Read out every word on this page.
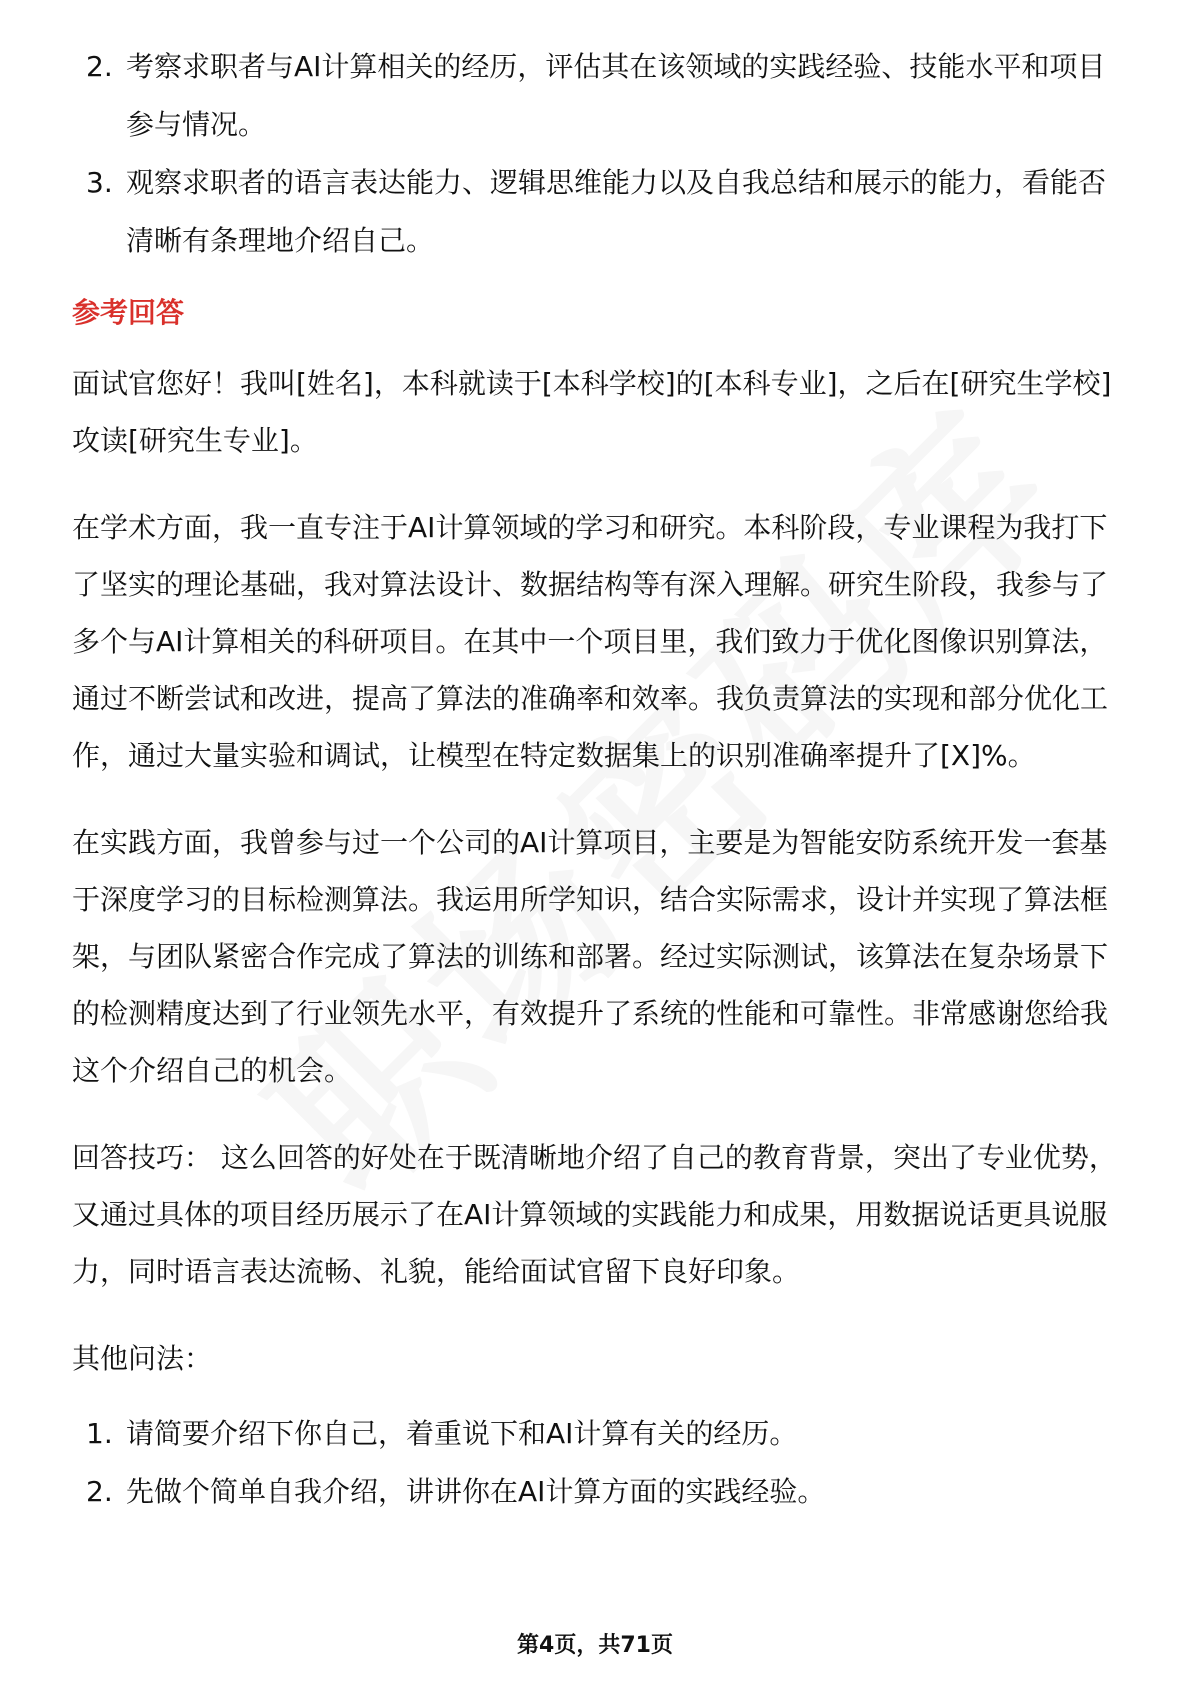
2. 考察求职者与AI计算相关的经历，评估其在该领域的实践经验、技能水平和项目参与情况。
3. 观察求职者的语言表达能力、逻辑思维能力以及自我总结和展示的能力，看能否清晰有条理地介绍自己。
参考回答

面试官您好！我叫[姓名]，本科就读于[本科学校]的[本科专业]，之后在[研究生学校]攻读[研究生专业]。

在学术方面，我一直专注于AI计算领域的学习和研究。本科阶段，专业课程为我打下了坚实的理论基础，我对算法设计、数据结构等有深入理解。研究生阶段，我参与了多个与AI计算相关的科研项目。在其中一个项目里，我们致力于优化图像识别算法，通过不断尝试和改进，提高了算法的准确率和效率。我负责算法的实现和部分优化工作，通过大量实验和调试，让模型在特定数据集上的识别准确率提升了[X]%。

在实践方面，我曾参与过一个公司的AI计算项目，主要是为智能安防系统开发一套基于深度学习的目标检测算法。我运用所学知识，结合实际需求，设计并实现了算法框架，与团队紧密合作完成了算法的训练和部署。经过实际测试，该算法在复杂场景下的检测精度达到了行业领先水平，有效提升了系统的性能和可靠性。非常感谢您给我这个介绍自己的机会。

回答技巧： 这么回答的好处在于既清晰地介绍了自己的教育背景，突出了专业优势，又通过具体的项目经历展示了在AI计算领域的实践能力和成果，用数据说话更具说服力，同时语言表达流畅、礼貌，能给面试官留下良好印象。

其他问法：

1. 请简要介绍下你自己，着重说下和AI计算有关的经历。
2. 先做个简单自我介绍，讲讲你在AI计算方面的实践经验。
第4页，共71页
